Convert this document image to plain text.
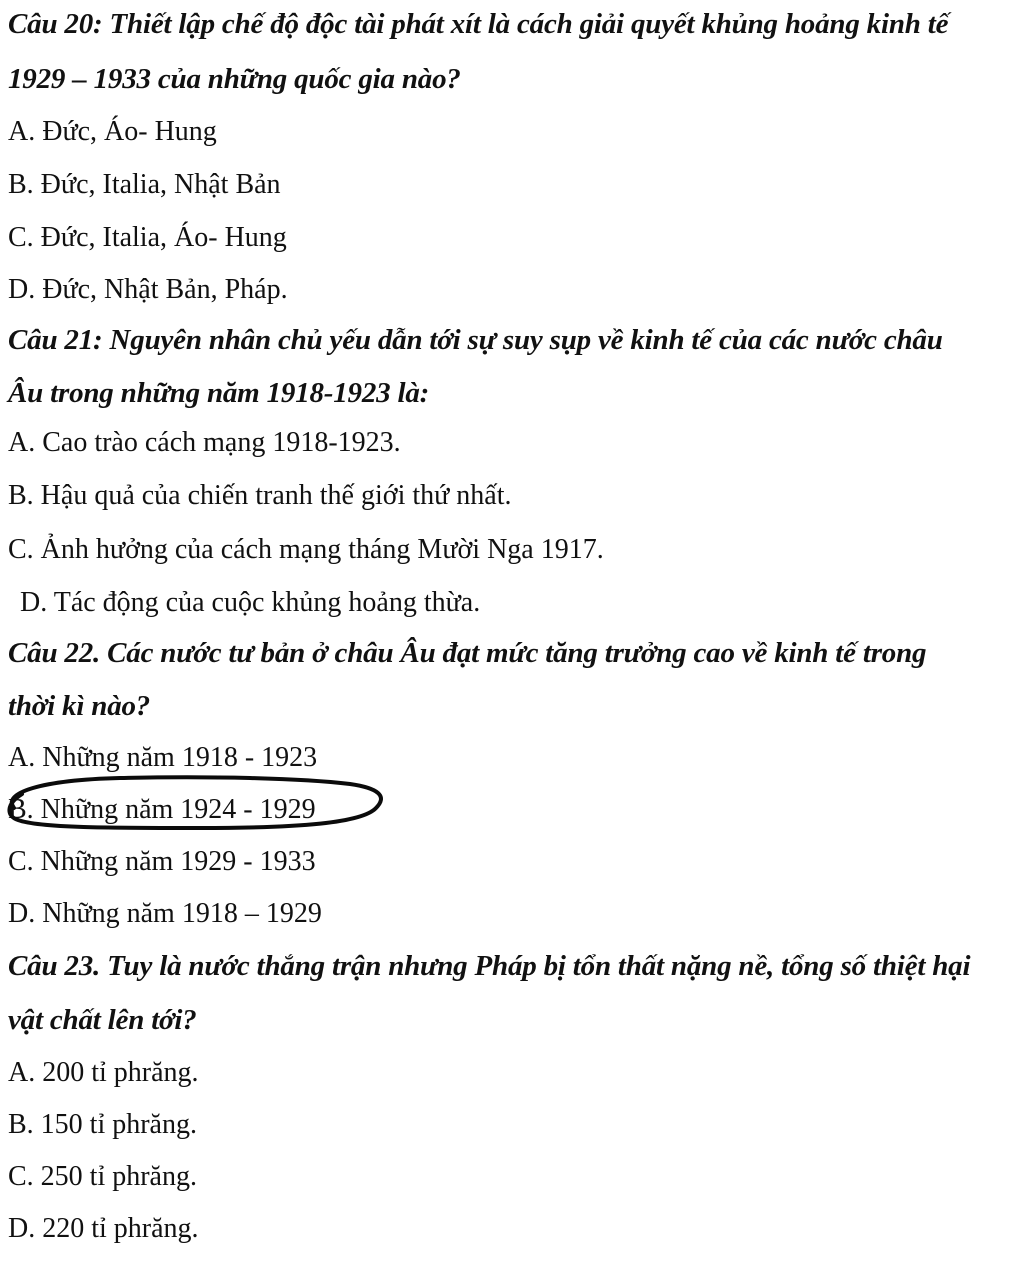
Câu 20: Thiết lập chế độ độc tài phát xít là cách giải quyết khủng hoảng kinh tế
1929 – 1933 của những quốc gia nào?
A. Đức, Áo- Hung
B. Đức, Italia, Nhật Bản
C. Đức, Italia, Áo- Hung
D. Đức, Nhật Bản, Pháp.
Câu 21: Nguyên nhân chủ yếu dẫn tới sự suy sụp về kinh tế của các nước châu
Âu trong những năm 1918-1923 là:
A. Cao trào cách mạng 1918-1923.
B. Hậu quả của chiến tranh thế giới thứ nhất.
C. Ảnh hưởng của cách mạng tháng Mười Nga 1917.
D. Tác động của cuộc khủng hoảng thừa.
Câu 22. Các nước tư bản ở châu Âu đạt mức tăng trưởng cao về kinh tế trong
thời kì nào?
A. Những năm 1918 - 1923
B. Những năm 1924 - 1929
C. Những năm 1929 - 1933
D. Những năm 1918 – 1929
Câu 23. Tuy là nước thắng trận nhưng Pháp bị tổn thất nặng nề, tổng số thiệt hại
vật chất lên tới?
A. 200 tỉ phrăng.
B. 150 tỉ phrăng.
C. 250 tỉ phrăng.
D. 220 tỉ phrăng.
